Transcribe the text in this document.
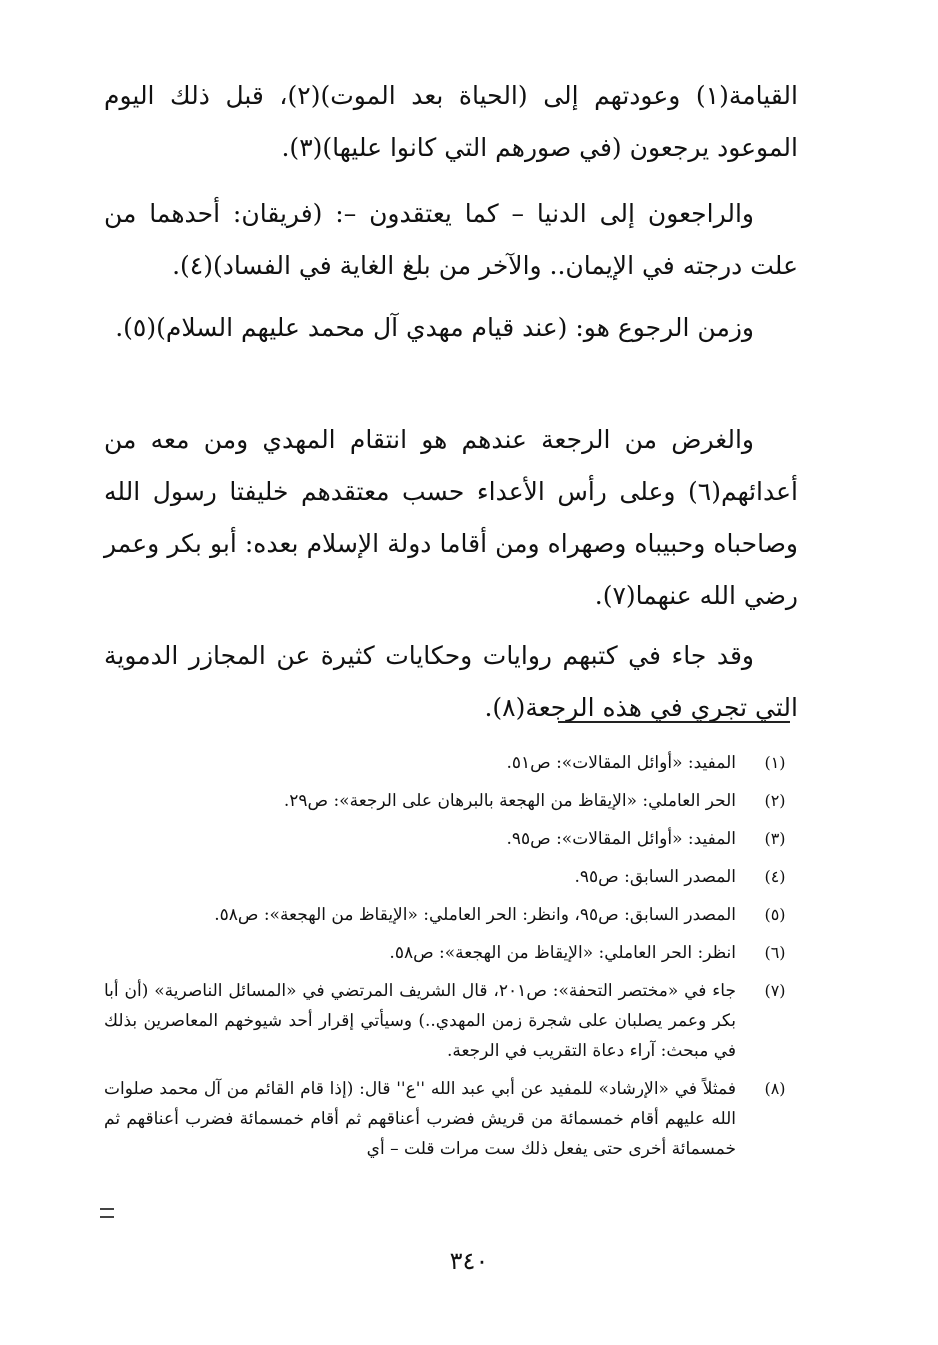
القيامة(١) وعودتهم إلى (الحياة بعد الموت)(٢)، قبل ذلك اليوم الموعود يرجعون (في صورهم التي كانوا عليها)(٣).

والراجعون إلى الدنيا – كما يعتقدون –: (فريقان: أحدهما من علت درجته في الإيمان.. والآخر من بلغ الغاية في الفساد)(٤).

وزمن الرجوع هو: (عند قيام مهدي آل محمد عليهم السلام)(٥).

والغرض من الرجعة عندهم هو انتقام المهدي ومن معه من أعدائهم(٦) وعلى رأس الأعداء حسب معتقدهم خليفتا رسول الله وصاحباه وحبيباه وصهراه ومن أقاما دولة الإسلام بعده: أبو بكر وعمر رضي الله عنهما(٧).

وقد جاء في كتبهم روايات وحكايات كثيرة عن المجازر الدموية التي تجري في هذه الرجعة(٨).

(١)
المفيد: «أوائل المقالات»: ص٥١.
(٢)
الحر العاملي: «الإيقاظ من الهجعة بالبرهان على الرجعة»: ص٢٩.
(٣)
المفيد: «أوائل المقالات»: ص٩٥.
(٤)
المصدر السابق: ص٩٥.
(٥)
المصدر السابق: ص٩٥، وانظر: الحر العاملي: «الإيقاظ من الهجعة»: ص٥٨.
(٦)
انظر: الحر العاملي: «الإيقاظ من الهجعة»: ص٥٨.
(٧)
جاء في «مختصر التحفة»: ص٢٠١، قال الشريف المرتضي في «المسائل الناصرية» (أن أبا بكر وعمر يصلبان على شجرة زمن المهدي..) وسيأتي إقرار أحد شيوخهم المعاصرين بذلك في مبحث: آراء دعاة التقريب في الرجعة.
(٨)
فمثلاً في «الإرشاد» للمفيد عن أبي عبد الله ''ع'' قال: (إذا قام القائم من آل محمد صلوات الله عليهم أقام خمسمائة من قريش فضرب أعناقهم ثم أقام خمسمائة فضرب أعناقهم ثم خمسمائة أخرى حتى يفعل ذلك ست مرات قلت – أي
٣٤٠
